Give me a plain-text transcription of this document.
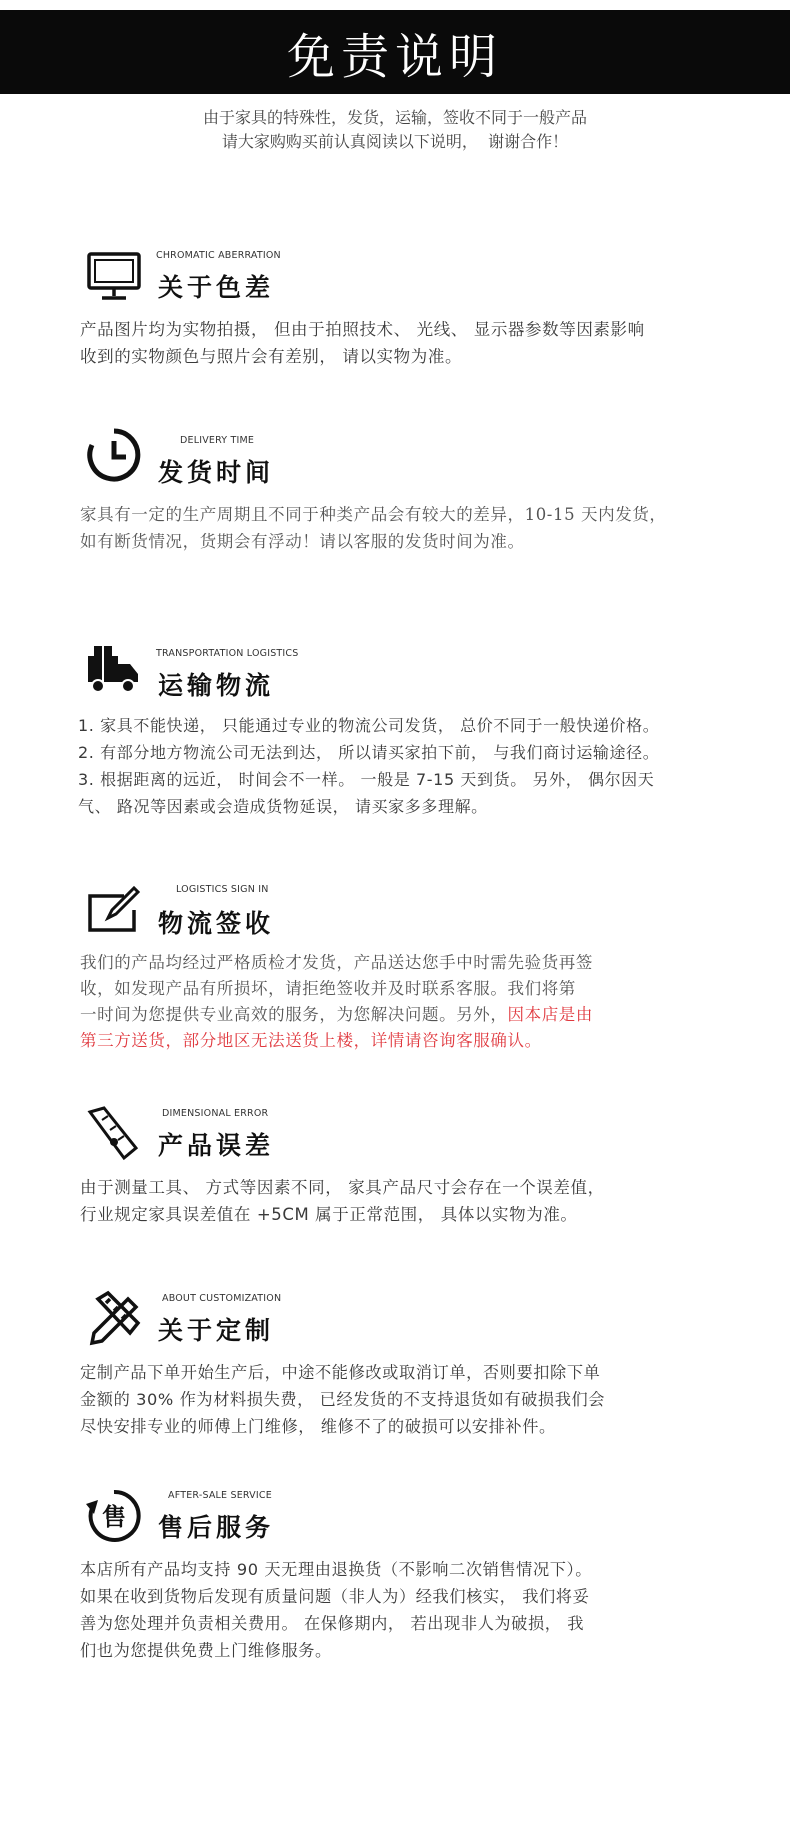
免责说明
由于家具的特殊性，发货，运输，签收不同于一般产品
请大家购购买前认真阅读以下说明，  谢谢合作！
CHROMATIC ABERRATION
关于色差
产品图片均为实物拍摄， 但由于拍照技术、 光线、 显示器参数等因素影响
收到的实物颜色与照片会有差别， 请以实物为准。
DELIVERY TIME
发货时间
家具有一定的生产周期且不同于种类产品会有较大的差异，10-15 天内发货，
如有断货情况，货期会有浮动！请以客服的发货时间为准。
TRANSPORTATION LOGISTICS
运输物流
1. 家具不能快递， 只能通过专业的物流公司发货， 总价不同于一般快递价格。
2. 有部分地方物流公司无法到达， 所以请买家拍下前， 与我们商讨运输途径。
3. 根据距离的远近， 时间会不一样。 一般是 7-15 天到货。 另外， 偶尔因天
气、 路况等因素或会造成货物延误， 请买家多多理解。
LOGISTICS SIGN IN
物流签收
我们的产品均经过严格质检才发货，产品送达您手中时需先验货再签
收，如发现产品有所损坏，请拒绝签收并及时联系客服。我们将第
一时间为您提供专业高效的服务，为您解决问题。另外，因本店是由
第三方送货，部分地区无法送货上楼，详情请咨询客服确认。
DIMENSIONAL ERROR
产品误差
由于测量工具、 方式等因素不同， 家具产品尺寸会存在一个误差值，
行业规定家具误差值在 +5CM 属于正常范围， 具体以实物为准。
ABOUT CUSTOMIZATION
关于定制
定制产品下单开始生产后，中途不能修改或取消订单，否则要扣除下单
金额的 30% 作为材料损失费， 已经发货的不支持退货如有破损我们会
尽快安排专业的师傅上门维修， 维修不了的破损可以安排补件。
售
AFTER-SALE SERVICE
售后服务
本店所有产品均支持 90 天无理由退换货（不影响二次销售情况下）。
如果在收到货物后发现有质量问题（非人为）经我们核实， 我们将妥
善为您处理并负责相关费用。 在保修期内， 若出现非人为破损， 我
们也为您提供免费上门维修服务。
